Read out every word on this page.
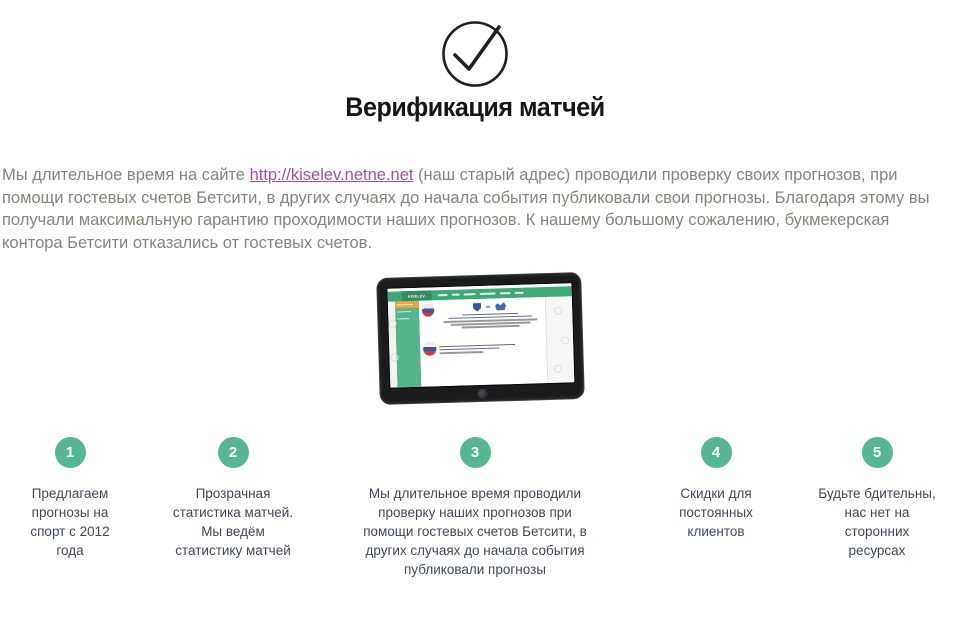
Верификация матчей

Мы длительное время на сайте http://kiselev.netne.net (наш старый адрес) проводили проверку своих прогнозов, при помощи гостевых счетов Бетсити, в других случаях до начала события публиковали свои прогнозы. Благодаря этому вы получали максимальную гарантию проходимости наших прогнозов. К нашему большому сожалению, букмекерская контора Бетсити отказались от гостевых счетов.

KISELEV
1
Предлагаем прогнозы на спорт с 2012 года
2
Прозрачная статистика матчей. Мы ведём статистику матчей
3
Мы длительное время проводили проверку наших прогнозов при помощи гостевых счетов Бетсити, в других случаях до начала события публиковали прогнозы
4
Скидки для постоянных клиентов
5
Будьте бдительны, нас нет на сторонних ресурсах
